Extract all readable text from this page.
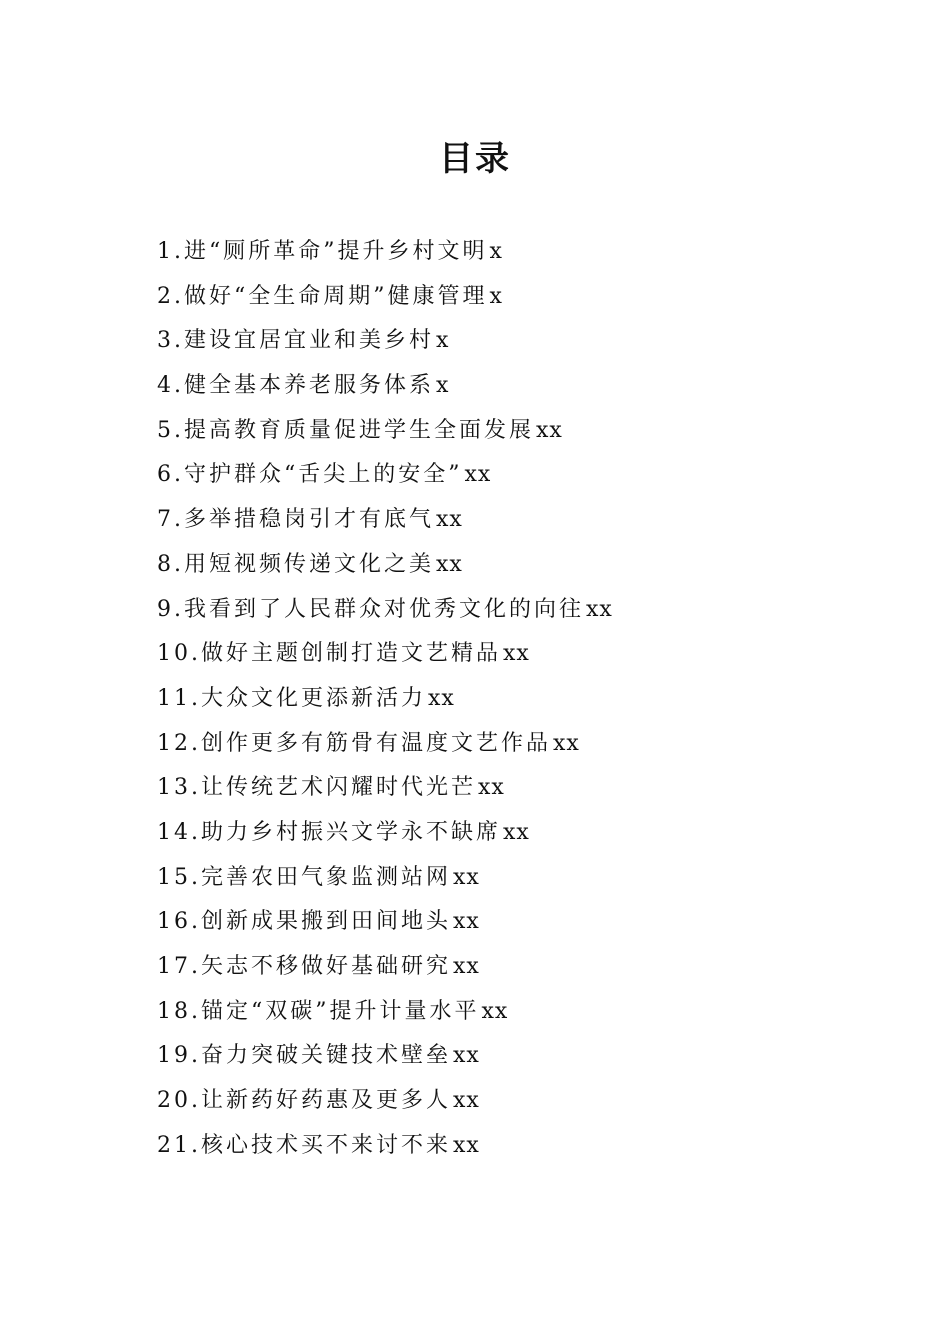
目录
1.进“厕所革命”提升乡村文明x
2.做好“全生命周期”健康管理x
3.建设宜居宜业和美乡村x
4.健全基本养老服务体系x
5.提高教育质量促进学生全面发展xx
6.守护群众“舌尖上的安全”xx
7.多举措稳岗引才有底气xx
8.用短视频传递文化之美xx
9.我看到了人民群众对优秀文化的向往xx
10.做好主题创制打造文艺精品xx
11.大众文化更添新活力xx
12.创作更多有筋骨有温度文艺作品xx
13.让传统艺术闪耀时代光芒xx
14.助力乡村振兴文学永不缺席xx
15.完善农田气象监测站网xx
16.创新成果搬到田间地头xx
17.矢志不移做好基础研究xx
18.锚定“双碳”提升计量水平xx
19.奋力突破关键技术壁垒xx
20.让新药好药惠及更多人xx
21.核心技术买不来讨不来xx
